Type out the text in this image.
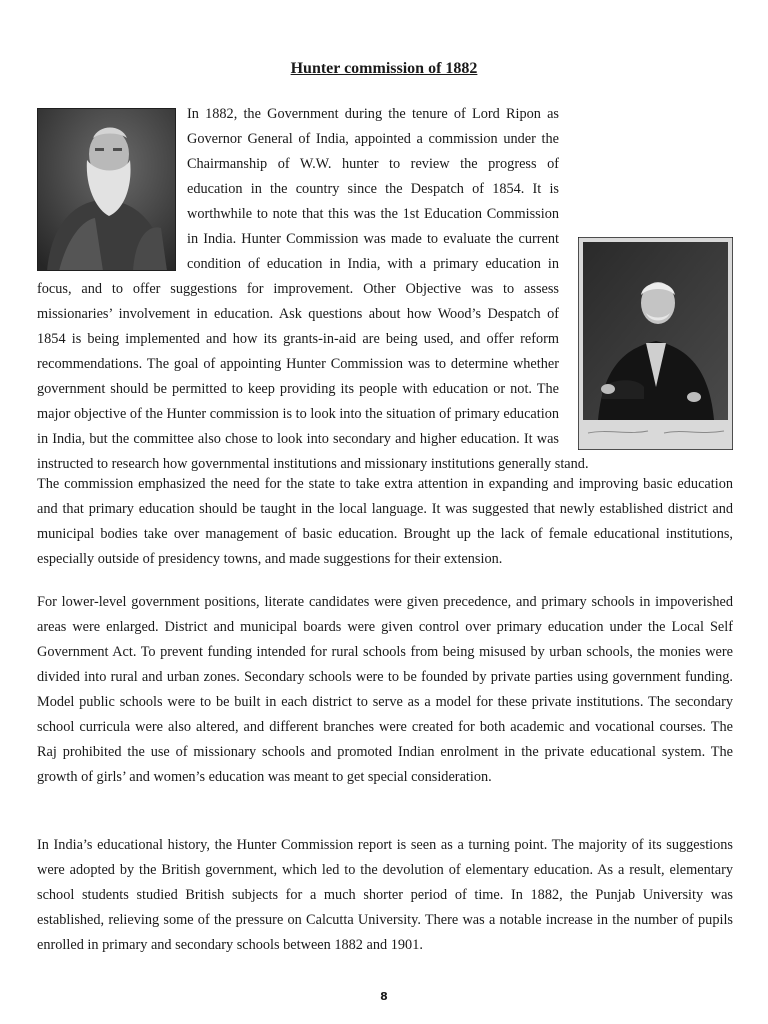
Hunter commission of 1882

In 1882, the Government during the tenure of Lord Ripon as Governor General of India, appointed a commission under the Chairmanship of W.W. hunter to review the progress of education in the country since the Despatch of 1854. It is worthwhile to note that this was the 1st Education Commission in India. Hunter Commission was made to evaluate the current condition of education in India, with a primary education in focus, and to offer suggestions for improvement. Other Objective was to assess missionaries’ involvement in education. Ask questions about how Wood’s Despatch of 1854 is being implemented and how its grants-in-aid are being used, and offer reform recommendations. The goal of appointing Hunter Commission was to determine whether government should be permitted to keep providing its people with education or not. The major objective of the Hunter commission is to look into the situation of primary education in India, but the committee also chose to look into secondary and higher education. It was instructed to research how governmental institutions and missionary institutions generally stand.

The commission emphasized the need for the state to take extra attention in expanding and improving basic education and that primary education should be taught in the local language. It was suggested that newly established district and municipal bodies take over management of basic education. Brought up the lack of female educational institutions, especially outside of presidency towns, and made suggestions for their extension.

For lower-level government positions, literate candidates were given precedence, and primary schools in impoverished areas were enlarged. District and municipal boards were given control over primary education under the Local Self Government Act. To prevent funding intended for rural schools from being misused by urban schools, the monies were divided into rural and urban zones. Secondary schools were to be founded by private parties using government funding. Model public schools were to be built in each district to serve as a model for these private institutions. The secondary school curricula were also altered, and different branches were created for both academic and vocational courses. The Raj prohibited the use of missionary schools and promoted Indian enrolment in the private educational system. The growth of girls’ and women’s education was meant to get special consideration.

In India’s educational history, the Hunter Commission report is seen as a turning point. The majority of its suggestions were adopted by the British government, which led to the devolution of elementary education. As a result, elementary school students studied British subjects for a much shorter period of time. In 1882, the Punjab University was established, relieving some of the pressure on Calcutta University. There was a notable increase in the number of pupils enrolled in primary and secondary schools between 1882 and 1901.

8
